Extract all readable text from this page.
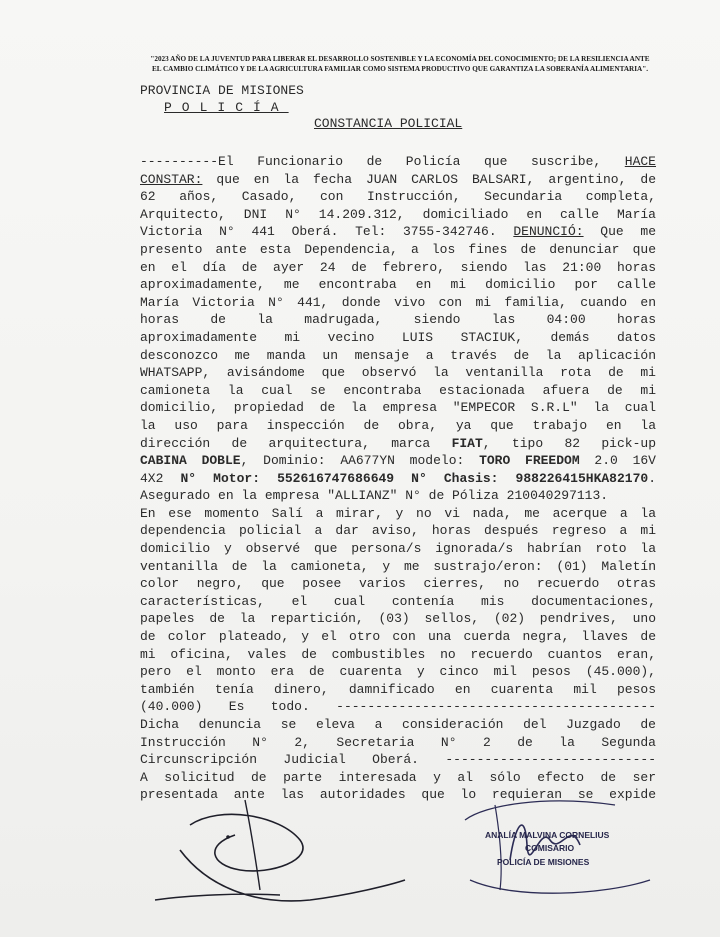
"2023 AÑO DE LA JUVENTUD PARA LIBERAR EL DESARROLLO SOSTENIBLE Y LA ECONOMÍA DEL CONOCIMIENTO; DE LA RESILIENCIA ANTE EL CAMBIO CLIMÁTICO Y DE LA AGRICULTURA FAMILIAR COMO SISTEMA PRODUCTIVO QUE GARANTIZA LA SOBERANÍA ALIMENTARIA".
PROVINCIA DE MISIONES
POLICÍA
CONSTANCIA POLICIAL
----------El Funcionario de Policía que suscribe, HACE
CONSTAR: que en la fecha JUAN CARLOS BALSARI, argentino, de
62 años, Casado, con Instrucción, Secundaria completa,
Arquitecto, DNI N° 14.209.312, domiciliado en calle María
Victoria N° 441 Oberá. Tel: 3755-342746. DENUNCIÓ: Que me
presento ante esta Dependencia, a los fines de denunciar que
en el día de ayer 24 de febrero, siendo las 21:00 horas
aproximadamente, me encontraba en mi domicilio por calle
María Victoria N° 441, donde vivo con mi familia, cuando en
horas de la madrugada, siendo las 04:00 horas
aproximadamente mi vecino LUIS STACIUK, demás datos
desconozco me manda un mensaje a través de la aplicación
WHATSAPP, avisándome que observó la ventanilla rota de mi
camioneta la cual se encontraba estacionada afuera de mi
domicilio, propiedad de la empresa "EMPECOR S.R.L" la cual
la uso para inspección de obra, ya que trabajo en la
dirección de arquitectura, marca FIAT, tipo 82 pick-up
CABINA DOBLE, Dominio: AA677YN modelo: TORO FREEDOM 2.0 16V
4X2 N° Motor: 552616747686649 N° Chasis: 988226415HKA82170.
Asegurado en la empresa "ALLIANZ" N° de Póliza 210040297113.
En ese momento Salí a mirar, y no vi nada, me acerque a la
dependencia policial a dar aviso, horas después regreso a mi
domicilio y observé que persona/s ignorada/s habrían roto la
ventanilla de la camioneta, y me sustrajo/eron: (01) Maletín
color negro, que posee varios cierres, no recuerdo otras
características, el cual contenía mis documentaciones,
papeles de la repartición, (03) sellos, (02) pendrives, uno
de color plateado, y el otro con una cuerda negra, llaves de
mi oficina, vales de combustibles no recuerdo cuantos eran,
pero el monto era de cuarenta y cinco mil pesos (45.000),
también tenía dinero, damnificado en cuarenta mil pesos
(40.000) Es todo. -----------------------------------------
Dicha denuncia se eleva a consideración del Juzgado de
Instrucción N° 2, Secretaria N° 2 de la Segunda
Circunscripción Judicial Oberá. ---------------------------
A solicitud de parte interesada y al sólo efecto de ser
presentada ante las autoridades que lo requieran se expide
ANALÍA MALVINA CORNELIUS
COMISARIO
POLICÍA DE MISIONES
